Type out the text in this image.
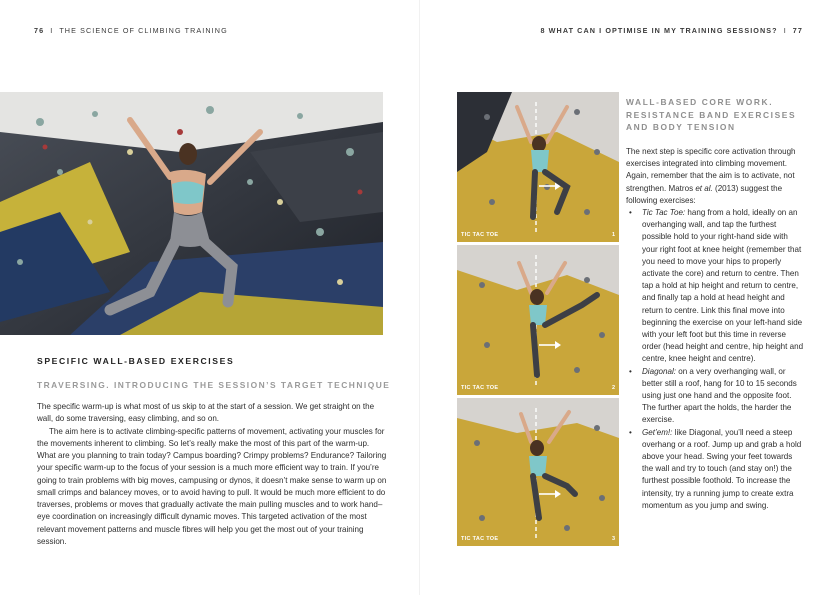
76 I THE SCIENCE OF CLIMBING TRAINING	8 WHAT CAN I OPTIMISE IN MY TRAINING SESSIONS? I 77
SPECIFIC WALL-BASED EXERCISES
TRAVERSING. INTRODUCING THE SESSION’S TARGET TECHNIQUE

The specific warm-up is what most of us skip to at the start of a session. We get straight on the wall, do some traversing, easy climbing, and so on.

The aim here is to activate climbing-specific patterns of movement, activating your muscles for the movements inherent to climbing. So let’s really make the most of this part of the warm-up. What are you planning to train today? Campus boarding? Crimpy problems? Endurance? Tailoring your specific warm-up to the focus of your session is a much more efficient way to train. If you’re going to train problems with big moves, campusing or dynos, it doesn’t make sense to warm up on small crimps and balancey moves, or to avoid having to pull. It would be much more efficient to do traverses, problems or moves that gradually activate the main pulling muscles and to work hand–eye coordination on increasingly difficult dynamic moves. This targeted activation of the most relevant movement patterns and muscle fibres will help you get the most out of your training session.

TIC TAC TOE	1
TIC TAC TOE	2
TIC TAC TOE	3
WALL-BASED CORE WORK. RESISTANCE BAND EXERCISES AND BODY TENSION

The next step is specific core activation through exercises integrated into climbing movement. Again, remember that the aim is to activate, not strengthen. Matros et al. (2013) suggest the following exercises:

• Tic Tac Toe: hang from a hold, ideally on an overhanging wall, and tap the furthest possible hold to your right-hand side with your right foot at knee height (remember that you need to move your hips to properly activate the core) and return to centre. Then tap a hold at hip height and return to centre, and finally tap a hold at head height and return to centre. Link this final move into beginning the exercise on your left-hand side with your left foot but this time in reverse order (head height and centre, hip height and centre, knee height and centre).
• Diagonal: on a very overhanging wall, or better still a roof, hang for 10 to 15 seconds using just one hand and the opposite foot. The further apart the holds, the harder the exercise.
• Get’em!: like Diagonal, you’ll need a steep overhang or a roof. Jump up and grab a hold above your head. Swing your feet towards the wall and try to touch (and stay on!) the furthest possible foothold. To increase the intensity, try a running jump to create extra momentum as you jump and swing.
